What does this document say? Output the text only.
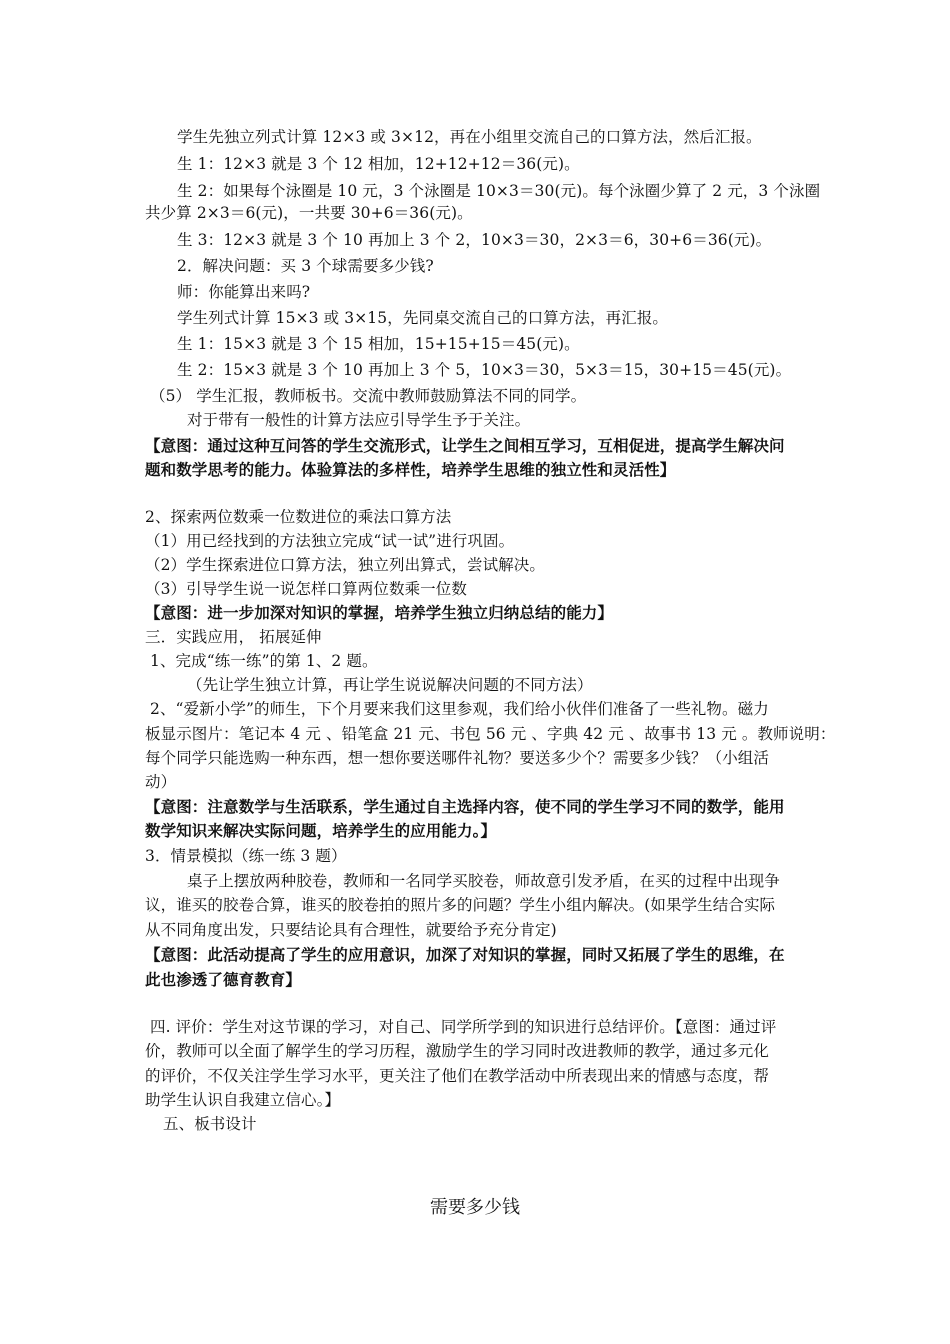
学生先独立列式计算 12×3 或 3×12，再在小组里交流自己的口算方法，然后汇报。
生 1：12×3 就是 3 个 12 相加，12+12+12＝36(元)。
生 2：如果每个泳圈是 10 元，3 个泳圈是 10×3＝30(元)。每个泳圈少算了 2 元，3 个泳圈
共少算 2×3＝6(元)，一共要 30+6＝36(元)。
生 3：12×3 就是 3 个 10 再加上 3 个 2，10×3＝30，2×3＝6，30+6＝36(元)。
2．解决问题：买 3 个球需要多少钱?
师：你能算出来吗?
学生列式计算 15×3 或 3×15，先同桌交流自己的口算方法，再汇报。
生 1：15×3 就是 3 个 15 相加，15+15+15＝45(元)。
生 2：15×3 就是 3 个 10 再加上 3 个 5，10×3＝30，5×3＝15，30+15＝45(元)。
（5） 学生汇报，教师板书。交流中教师鼓励算法不同的同学。
对于带有一般性的计算方法应引导学生予于关注。
【意图：通过这种互问答的学生交流形式，让学生之间相互学习，互相促进，提高学生解决问
题和数学思考的能力。体验算法的多样性，培养学生思维的独立性和灵活性】
2、探索两位数乘一位数进位的乘法口算方法
（1）用已经找到的方法独立完成“试一试”进行巩固。
（2）学生探索进位口算方法，独立列出算式，尝试解决。
（3）引导学生说一说怎样口算两位数乘一位数
【意图：进一步加深对知识的掌握，培养学生独立归纳总结的能力】
三．实践应用， 拓展延伸
1、完成“练一练”的第 1、2 题。
（先让学生独立计算，再让学生说说解决问题的不同方法）
2、“爱新小学”的师生，下个月要来我们这里参观，我们给小伙伴们准备了一些礼物。磁力
板显示图片：笔记本 4 元 、铅笔盒 21 元、书包 56 元 、字典 42 元 、故事书 13 元 。教师说明：
每个同学只能选购一种东西，想一想你要送哪件礼物？要送多少个？需要多少钱？（小组活
动）
【意图：注意数学与生活联系，学生通过自主选择内容，使不同的学生学习不同的数学，能用
数学知识来解决实际问题，培养学生的应用能力。】
3．情景模拟（练一练 3 题）
桌子上摆放两种胶卷，教师和一名同学买胶卷，师故意引发矛盾，在买的过程中出现争
议，谁买的胶卷合算，谁买的胶卷拍的照片多的问题？学生小组内解决。(如果学生结合实际
从不同角度出发，只要结论具有合理性，就要给予充分肯定)
【意图：此活动提高了学生的应用意识，加深了对知识的掌握，同时又拓展了学生的思维，在
此也渗透了德育教育】
四. 评价：学生对这节课的学习，对自己、同学所学到的知识进行总结评价。【意图：通过评
价，教师可以全面了解学生的学习历程，激励学生的学习同时改进教师的教学，通过多元化
的评价，不仅关注学生学习水平，更关注了他们在教学活动中所表现出来的情感与态度，帮
助学生认识自我建立信心。】
五、板书设计
需要多少钱
